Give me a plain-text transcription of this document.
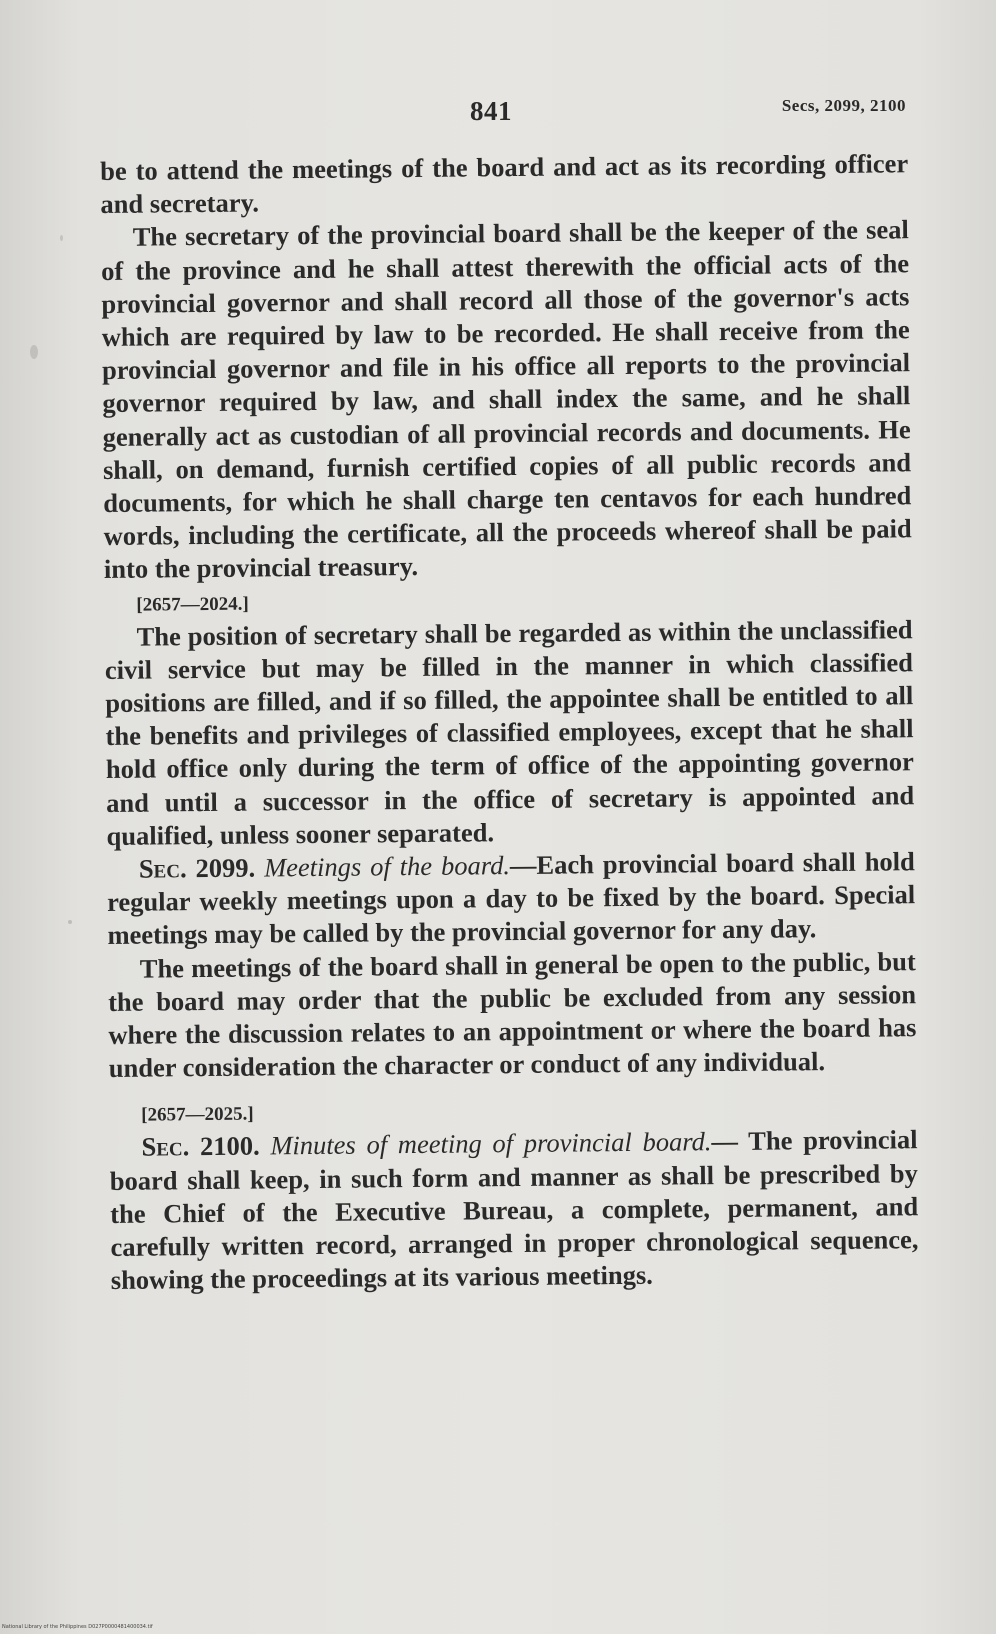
841	Secs, 2099, 2100

be to attend the meetings of the board and act as its recording officer and secretary.

The secretary of the provincial board shall be the keeper of the seal of the province and he shall attest therewith the official acts of the provincial governor and shall record all those of the governor's acts which are required by law to be recorded. He shall receive from the provincial governor and file in his office all reports to the provincial governor required by law, and shall index the same, and he shall generally act as custodian of all provincial records and documents. He shall, on demand, furnish certified copies of all public records and documents, for which he shall charge ten centavos for each hundred words, including the certificate, all the proceeds whereof shall be paid into the provincial treasury.

[2657—2024.]

The position of secretary shall be regarded as within the unclassified civil service but may be filled in the manner in which classified positions are filled, and if so filled, the appointee shall be entitled to all the benefits and privileges of classified employees, except that he shall hold office only during the term of office of the appointing governor and until a successor in the office of secretary is appointed and qualified, unless sooner separated.

Sec. 2099. Meetings of the board.—Each provincial board shall hold regular weekly meetings upon a day to be fixed by the board. Special meetings may be called by the provincial governor for any day.

The meetings of the board shall in general be open to the public, but the board may order that the public be excluded from any session where the discussion relates to an appointment or where the board has under consideration the character or conduct of any individual.

[2657—2025.]

Sec. 2100. Minutes of meeting of provincial board.— The provincial board shall keep, in such form and manner as shall be prescribed by the Chief of the Executive Bureau, a complete, permanent, and carefully written record, arranged in proper chronological sequence, showing the proceedings at its various meetings.

National Library of the Philippines D027P0000481400034.tif
